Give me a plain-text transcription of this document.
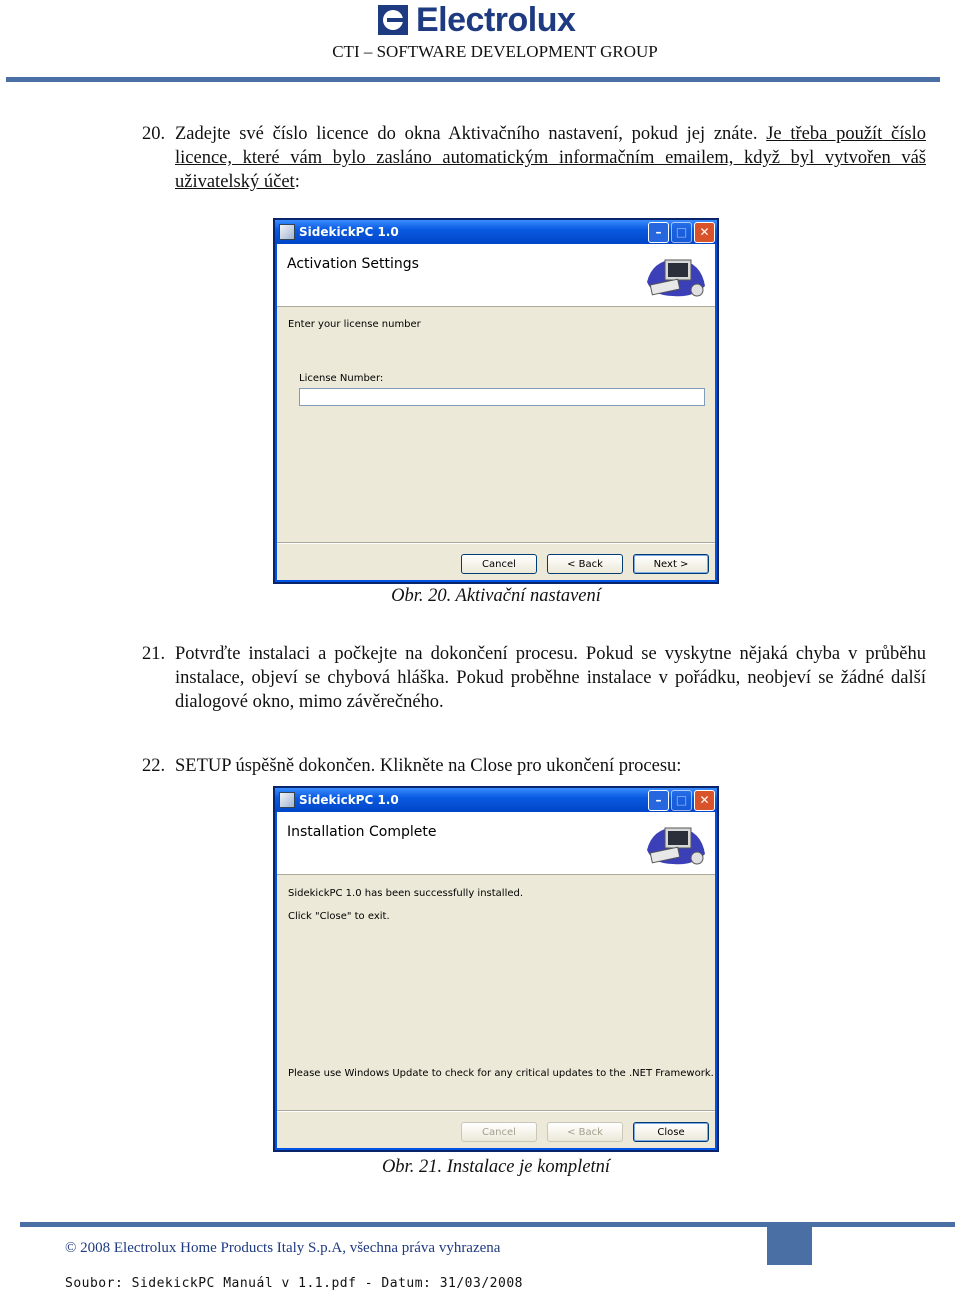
Electrolux
CTI – SOFTWARE DEVELOPMENT GROUP
20. Zadejte své číslo licence do okna Aktivačního nastavení, pokud jej znáte. Je třeba použít číslo licence, které vám bylo zasláno automatickým informačním emailem, když byl vytvořen váš uživatelský účet:
SidekickPC 1.0	–	□	✕
Activation Settings
Enter your license number
License Number:
Cancel	< Back	Next >
Obr. 20. Aktivační nastavení
21. Potvrďte instalaci a počkejte na dokončení procesu. Pokud se vyskytne nějaká chyba v průběhu instalace, objeví se chybová hláška. Pokud proběhne instalace v pořádku, neobjeví se žádné další dialogové okno, mimo závěrečného.
22. SETUP úspěšně dokončen. Klikněte na Close pro ukončení procesu:
SidekickPC 1.0	–	□	✕
Installation Complete
SidekickPC 1.0 has been successfully installed.
Click "Close" to exit.
Please use Windows Update to check for any critical updates to the .NET Framework.
Cancel	< Back	Close
Obr. 21. Instalace je kompletní
© 2008 Electrolux Home Products Italy S.p.A, všechna práva vyhrazena
Soubor: SidekickPC Manuál v 1.1.pdf - Datum: 31/03/2008
